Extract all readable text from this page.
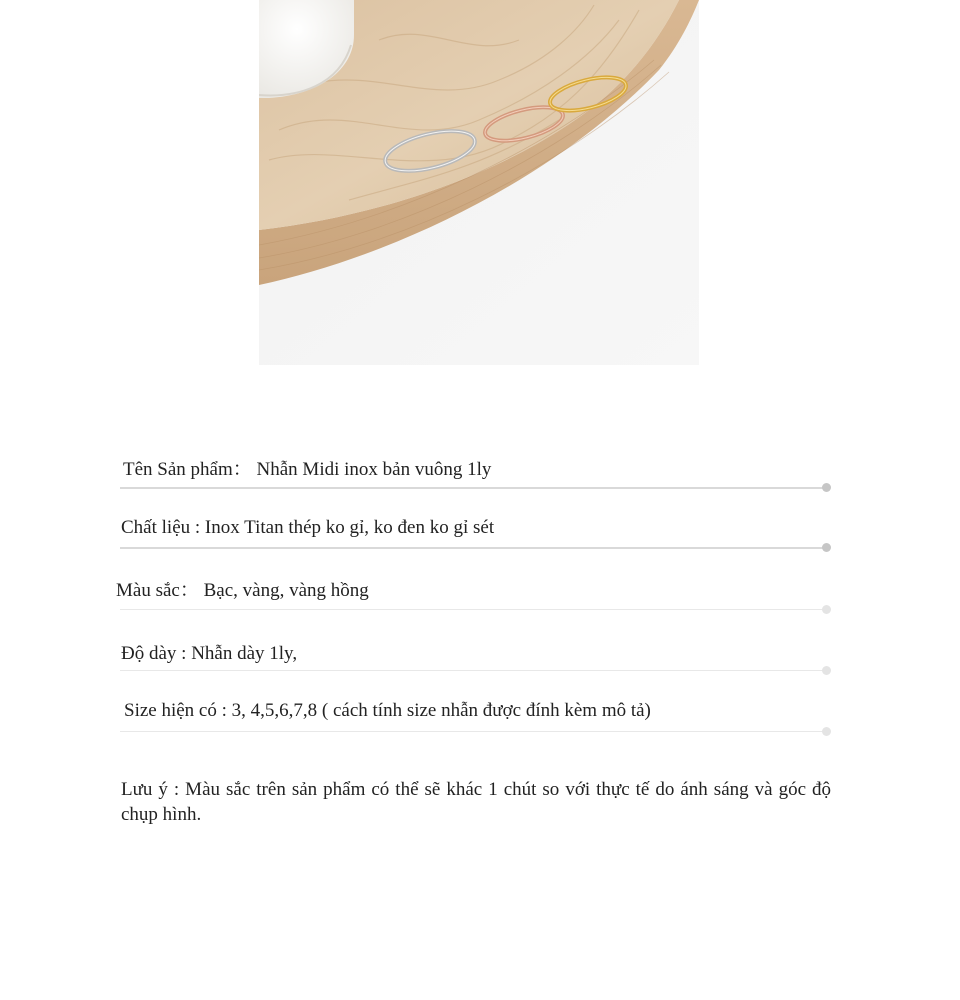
Tên Sản phẩm： Nhẫn Midi inox bản vuông 1ly
Chất liệu : Inox Titan thép ko gỉ, ko đen ko gỉ sét
Màu sắc： Bạc, vàng, vàng hồng
Độ dày : Nhẫn dày 1ly,
Size hiện có : 3, 4,5,6,7,8 ( cách tính size nhẫn được đính kèm mô tả)
Lưu ý : Màu sắc trên sản phẩm có thể sẽ khác 1 chút so với thực tế do ánh sáng và góc độ chụp hình.
